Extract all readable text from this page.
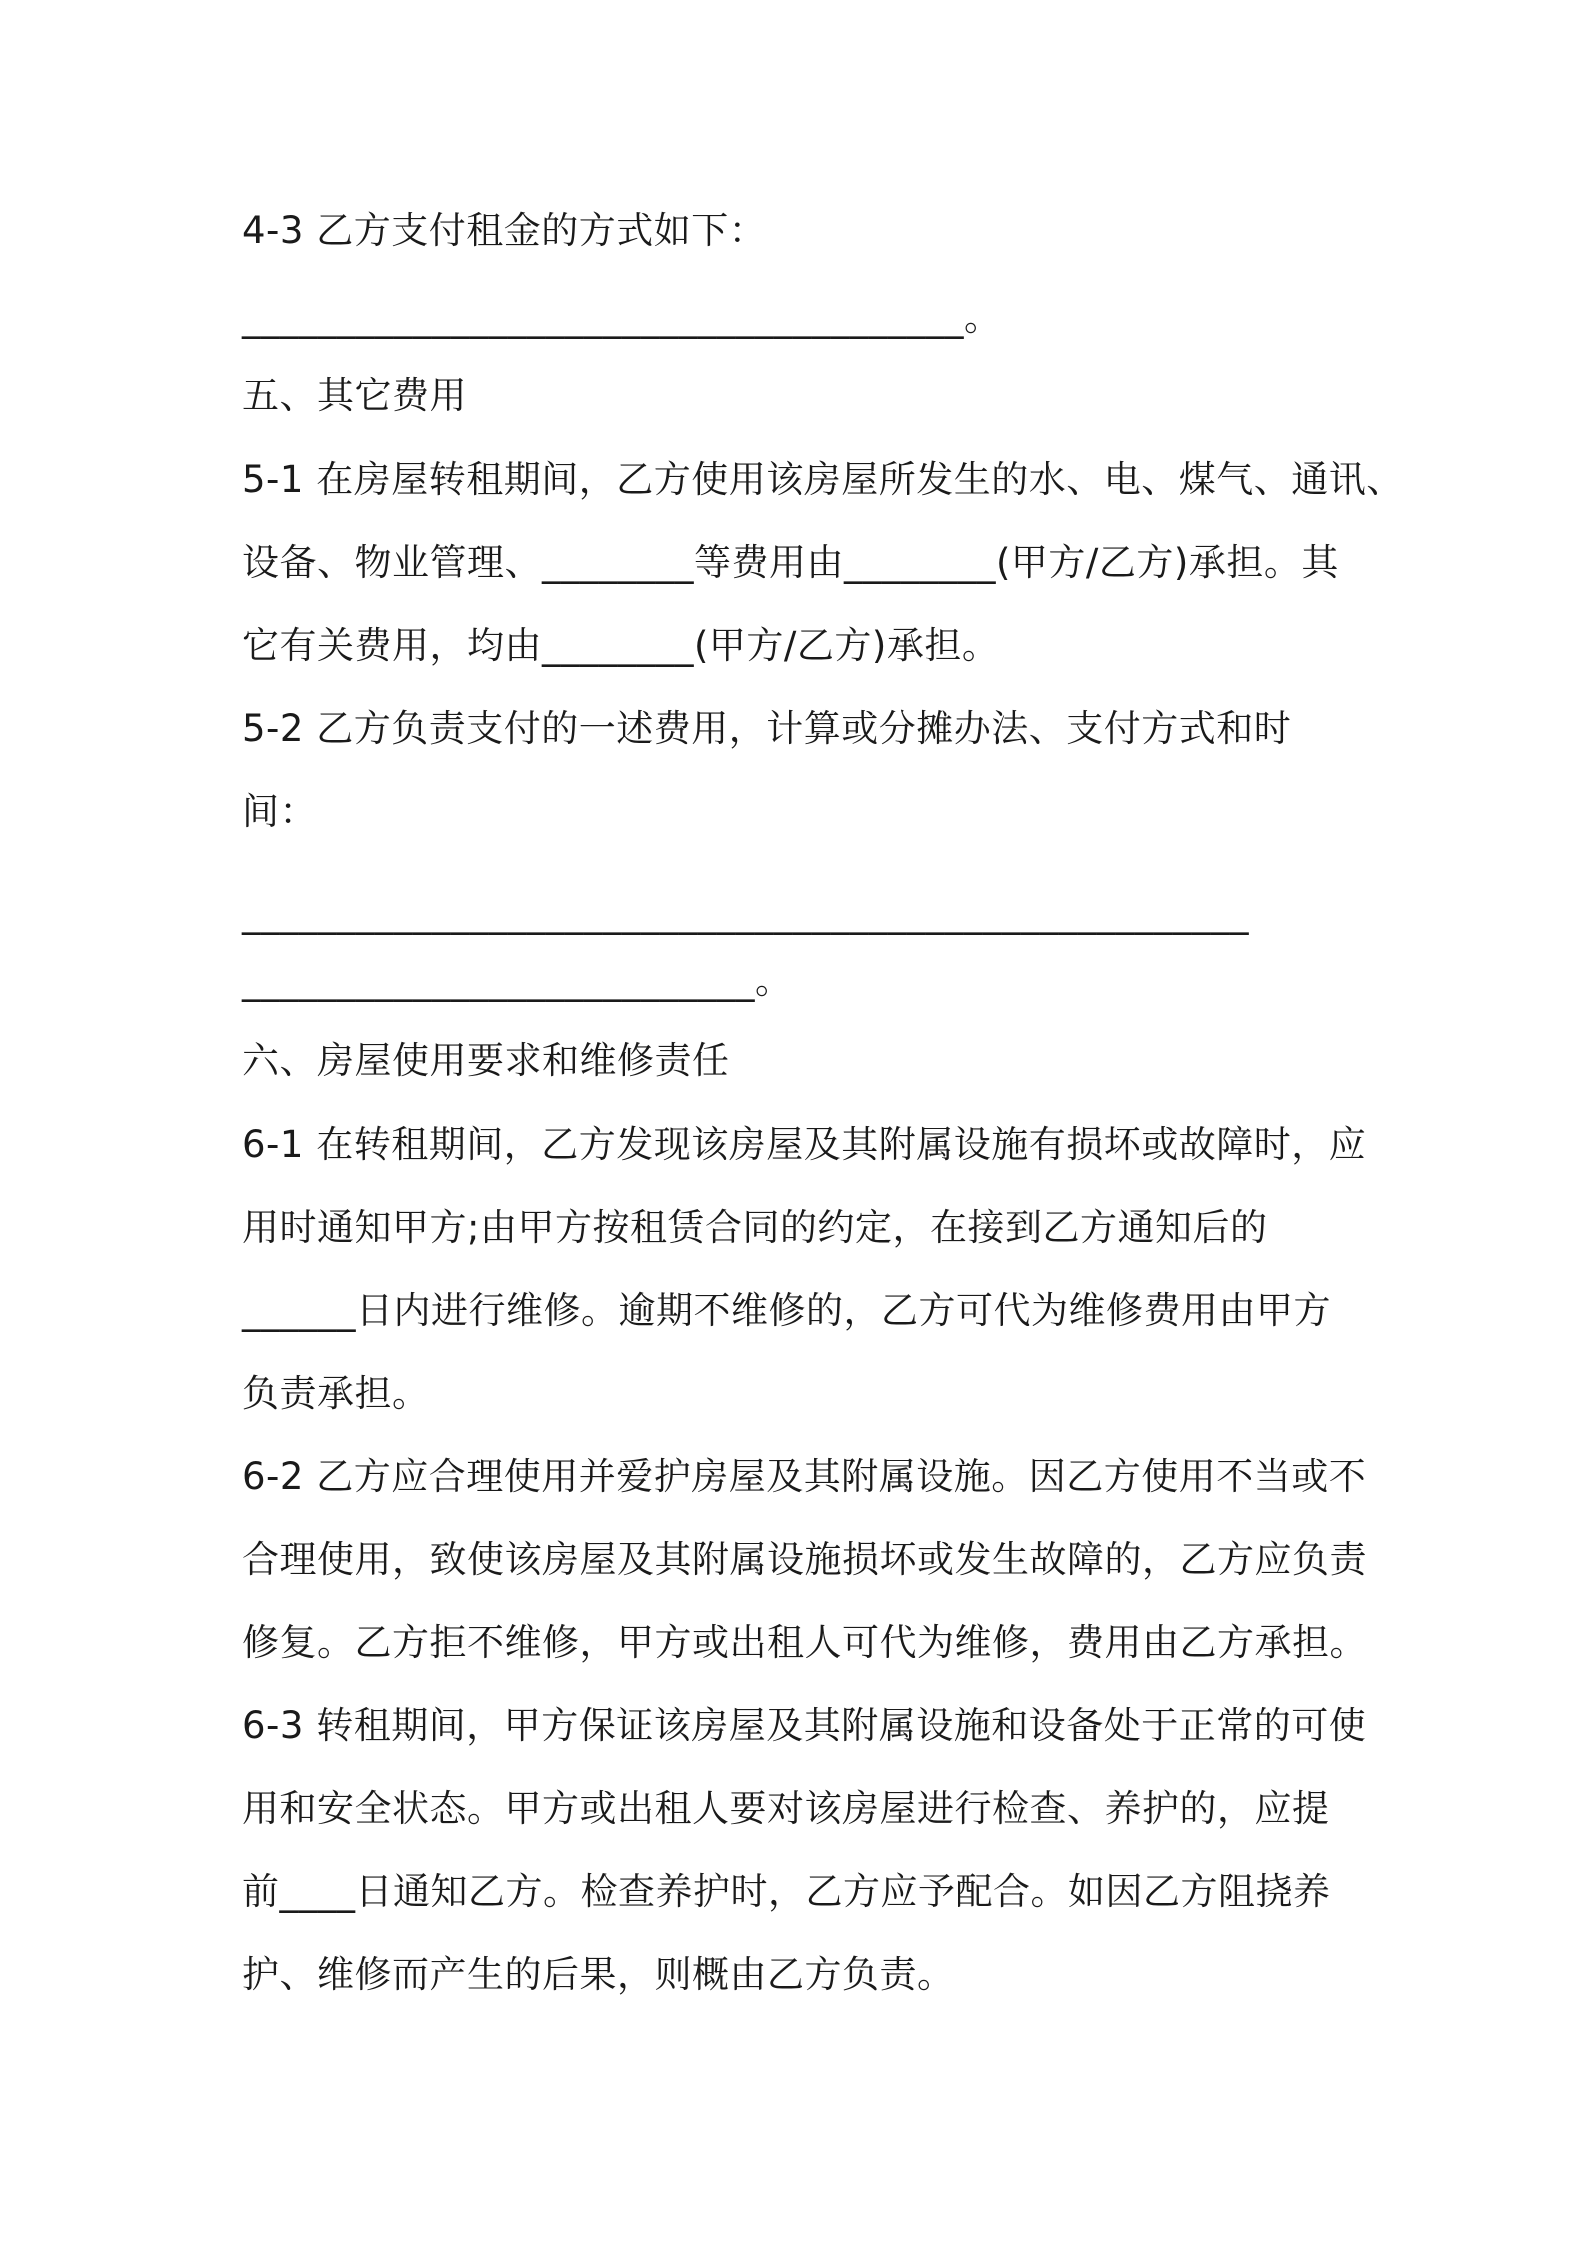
4-3 乙方支付租金的方式如下：
______________________________________。
五、其它费用
5-1 在房屋转租期间，乙方使用该房屋所发生的水、电、煤气、通讯、
设备、物业管理、________等费用由________(甲方/乙方)承担。其
它有关费用，均由________(甲方/乙方)承担。
5-2 乙方负责支付的一述费用，计算或分摊办法、支付方式和时
间：
_____________________________________________________
___________________________。
六、房屋使用要求和维修责任
6-1 在转租期间，乙方发现该房屋及其附属设施有损坏或故障时，应
用时通知甲方;由甲方按租赁合同的约定，在接到乙方通知后的
______日内进行维修。逾期不维修的，乙方可代为维修费用由甲方
负责承担。
6-2 乙方应合理使用并爱护房屋及其附属设施。因乙方使用不当或不
合理使用，致使该房屋及其附属设施损坏或发生故障的，乙方应负责
修复。乙方拒不维修，甲方或出租人可代为维修，费用由乙方承担。
6-3 转租期间，甲方保证该房屋及其附属设施和设备处于正常的可使
用和安全状态。甲方或出租人要对该房屋进行检查、养护的，应提
前____日通知乙方。检查养护时，乙方应予配合。如因乙方阻挠养
护、维修而产生的后果，则概由乙方负责。
